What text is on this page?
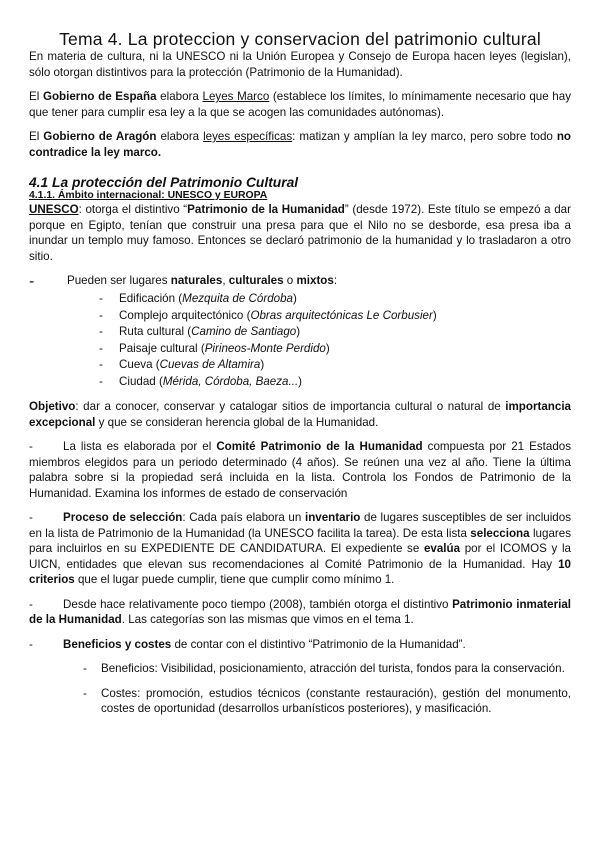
Tema 4. La proteccion y conservacion del patrimonio cultural

En materia de cultura, ni la UNESCO ni la Unión Europea y Consejo de Europa hacen leyes (legislan), sólo otorgan distintivos para la protección (Patrimonio de la Humanidad).

El Gobierno de España elabora Leyes Marco (establece los límites, lo mínimamente necesario que hay que tener para cumplir esa ley a la que se acogen las comunidades autónomas).

El Gobierno de Aragón elabora leyes específicas: matizan y amplían la ley marco, pero sobre todo no contradice la ley marco.

4.1 La protección del Patrimonio Cultural
4.1.1. Ámbito internacional: UNESCO y EUROPA

UNESCO: otorga el distintivo “Patrimonio de la Humanidad” (desde 1972). Este título se empezó a dar porque en Egipto, tenían que construir una presa para que el Nilo no se desborde, esa presa iba a inundar un templo muy famoso. Entonces se declaró patrimonio de la humanidad y lo trasladaron a otro sitio.

-	Pueden ser lugares naturales, culturales o mixtos:
- Edificación (Mezquita de Córdoba)
- Complejo arquitectónico (Obras arquitectónicas Le Corbusier)
- Ruta cultural (Camino de Santiago)
- Paisaje cultural (Pirineos-Monte Perdido)
- Cueva (Cuevas de Altamira)
- Ciudad (Mérida, Córdoba, Baeza...)

Objetivo: dar a conocer, conservar y catalogar sitios de importancia cultural o natural de importancia excepcional y que se consideran herencia global de la Humanidad.

-	La lista es elaborada por el Comité Patrimonio de la Humanidad compuesta por 21 Estados miembros elegidos para un periodo determinado (4 años). Se reúnen una vez al año. Tiene la última palabra sobre si la propiedad será incluida en la lista. Controla los Fondos de Patrimonio de la Humanidad. Examina los informes de estado de conservación

-	Proceso de selección: Cada país elabora un inventario de lugares susceptibles de ser incluidos en la lista de Patrimonio de la Humanidad (la UNESCO facilita la tarea). De esta lista selecciona lugares para incluirlos en su EXPEDIENTE DE CANDIDATURA. El expediente se evalúa por el ICOMOS y la UICN, entidades que elevan sus recomendaciones al Comité Patrimonio de la Humanidad. Hay 10 criterios que el lugar puede cumplir, tiene que cumplir como mínimo 1.

-	Desde hace relativamente poco tiempo (2008), también otorga el distintivo Patrimonio inmaterial de la Humanidad. Las categorías son las mismas que vimos en el tema 1.

-	Beneficios y costes de contar con el distintivo “Patrimonio de la Humanidad”.

- Beneficios: Visibilidad, posicionamiento, atracción del turista, fondos para la conservación.
- Costes: promoción, estudios técnicos (constante restauración), gestión del monumento, costes de oportunidad (desarrollos urbanísticos posteriores), y masificación.
